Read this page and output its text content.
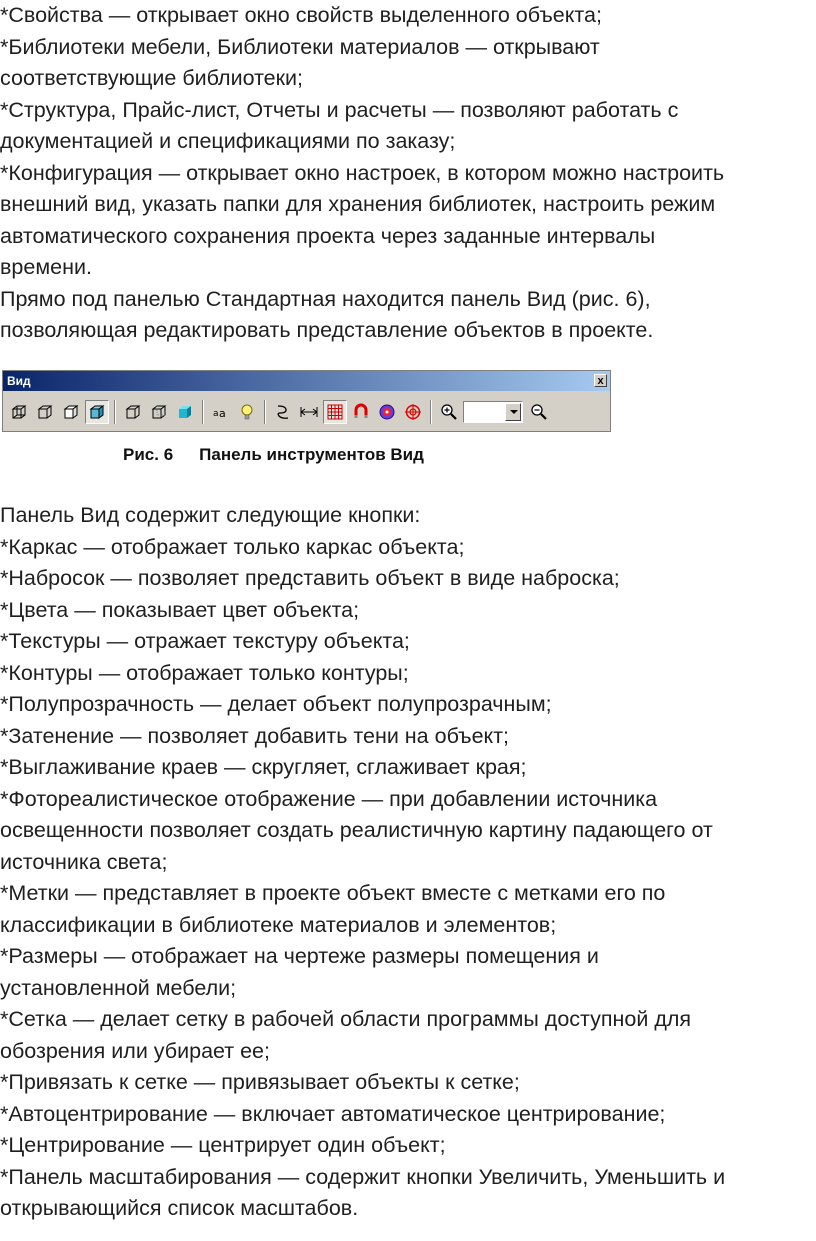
*Свойства — открывает окно свойств выделенного объекта;
*Библиотеки мебели, Библиотеки материалов — открывают
соответствующие библиотеки;
*Структура, Прайс-лист, Отчеты и расчеты — позволяют работать с
документацией и спецификациями по заказу;
*Конфигурация — открывает окно настроек, в котором можно настроить
внешний вид, указать папки для хранения библиотек, настроить режим
автоматического сохранения проекта через заданные интервалы
времени.
Прямо под панелью Стандартная находится панель Вид (рис. 6),
позволяющая редактировать представление объектов в проекте.
Вид	x
a a
Рис. 6 Панель инструментов Вид
Панель Вид содержит следующие кнопки:
*Каркас — отображает только каркас объекта;
*Набросок — позволяет представить объект в виде наброска;
*Цвета — показывает цвет объекта;
*Текстуры — отражает текстуру объекта;
*Контуры — отображает только контуры;
*Полупрозрачность — делает объект полупрозрачным;
*Затенение — позволяет добавить тени на объект;
*Выглаживание краев — скругляет, сглаживает края;
*Фотореалистическое отображение — при добавлении источника
освещенности позволяет создать реалистичную картину падающего от
источника света;
*Метки — представляет в проекте объект вместе с метками его по
классификации в библиотеке материалов и элементов;
*Размеры — отображает на чертеже размеры помещения и
установленной мебели;
*Сетка — делает сетку в рабочей области программы доступной для
обозрения или убирает ее;
*Привязать к сетке — привязывает объекты к сетке;
*Автоцентрирование — включает автоматическое центрирование;
*Центрирование — центрирует один объект;
*Панель масштабирования — содержит кнопки Увеличить, Уменьшить и
открывающийся список масштабов.
